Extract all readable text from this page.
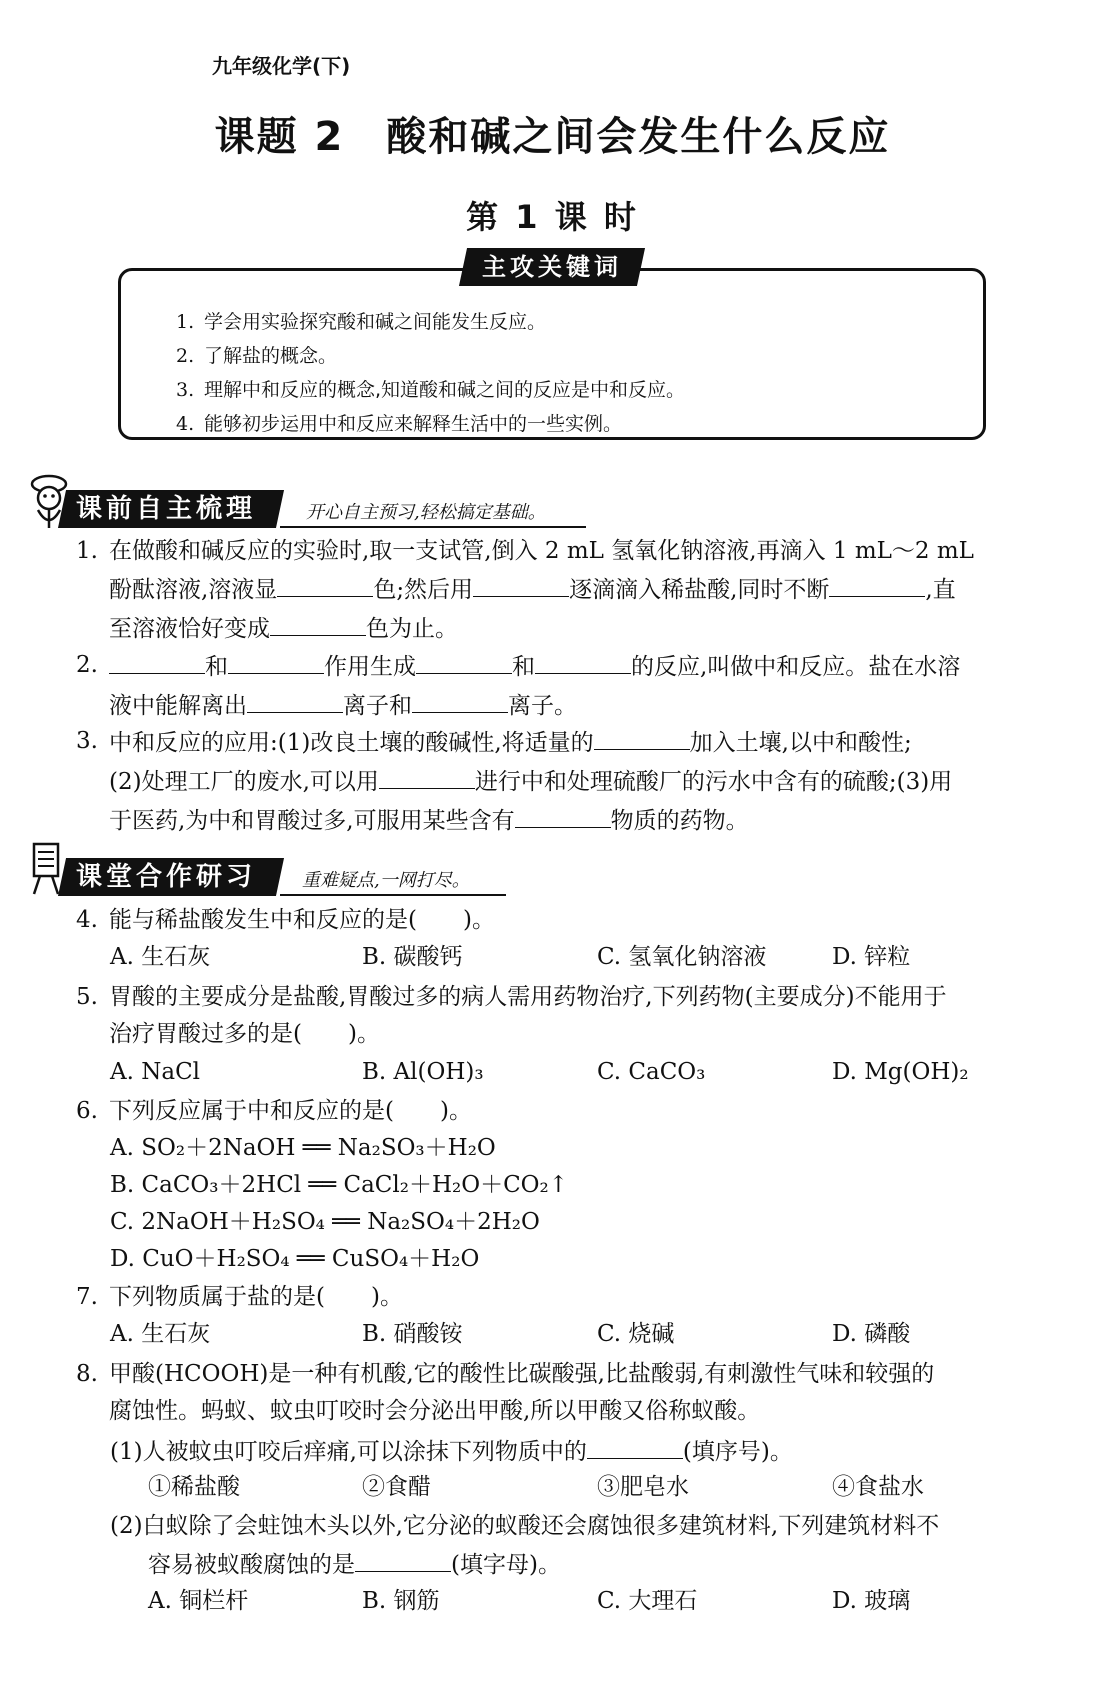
九年级化学(下)
课题 2　酸和碱之间会发生什么反应
第 1 课 时
主攻关键词
1. 学会用实验探究酸和碱之间能发生反应。
2. 了解盐的概念。
3. 理解中和反应的概念,知道酸和碱之间的反应是中和反应。
4. 能够初步运用中和反应来解释生活中的一些实例。
课前自主梳理	开心自主预习,轻松搞定基础。
1. 在做酸和碱反应的实验时,取一支试管,倒入 2 mL 氢氧化钠溶液,再滴入 1 mL～2 mL
酚酞溶液,溶液显	色;然后用	逐滴滴入稀盐酸,同时不断	,直
至溶液恰好变成	色为止。
2.	和	作用生成	和	的反应,叫做中和反应。盐在水溶
液中能解离出	离子和	离子。
3. 中和反应的应用:(1)改良土壤的酸碱性,将适量的	加入土壤,以中和酸性;
(2)处理工厂的废水,可以用	进行中和处理硫酸厂的污水中含有的硫酸;(3)用
于医药,为中和胃酸过多,可服用某些含有	物质的药物。
课堂合作研习	重难疑点,一网打尽。
4. 能与稀盐酸发生中和反应的是(　　)。
A. 生石灰	B. 碳酸钙	C. 氢氧化钠溶液	D. 锌粒
5. 胃酸的主要成分是盐酸,胃酸过多的病人需用药物治疗,下列药物(主要成分)不能用于
治疗胃酸过多的是(　　)。
A. NaCl	B. Al(OH)₃	C. CaCO₃	D. Mg(OH)₂
6. 下列反应属于中和反应的是(　　)。
A. SO₂＋2NaOH ══ Na₂SO₃＋H₂O
B. CaCO₃＋2HCl ══ CaCl₂＋H₂O＋CO₂↑
C. 2NaOH＋H₂SO₄ ══ Na₂SO₄＋2H₂O
D. CuO＋H₂SO₄ ══ CuSO₄＋H₂O
7. 下列物质属于盐的是(　　)。
A. 生石灰	B. 硝酸铵	C. 烧碱	D. 磷酸
8. 甲酸(HCOOH)是一种有机酸,它的酸性比碳酸强,比盐酸弱,有刺激性气味和较强的
腐蚀性。蚂蚁、蚊虫叮咬时会分泌出甲酸,所以甲酸又俗称蚁酸。
(1)人被蚊虫叮咬后痒痛,可以涂抹下列物质中的	(填序号)。
①稀盐酸	②食醋	③肥皂水	④食盐水
(2)白蚁除了会蛀蚀木头以外,它分泌的蚁酸还会腐蚀很多建筑材料,下列建筑材料不
容易被蚁酸腐蚀的是	(填字母)。
A. 铜栏杆	B. 钢筋	C. 大理石	D. 玻璃
